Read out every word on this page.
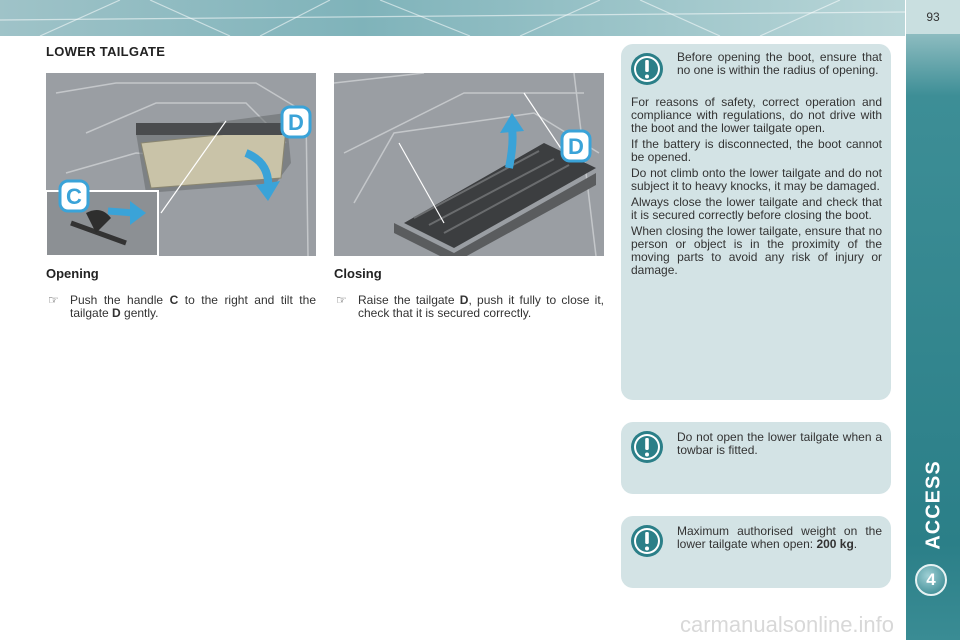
93
ACCESS
4
LOWER TAILGATE
C
D
D
Opening
☞ Push the handle C to the right and tilt the tailgate D gently.
Closing
☞ Raise the tailgate D, push it fully to close it, check that it is secured correctly.
Before opening the boot, ensure that no one is within the radius of opening.

For reasons of safety, correct operation and compliance with regulations, do not drive with the boot and the lower tailgate open.

If the battery is disconnected, the boot cannot be opened.

Do not climb onto the lower tailgate and do not subject it to heavy knocks, it may be damaged.

Always close the lower tailgate and check that it is secured correctly before closing the boot.

When closing the lower tailgate, ensure that no person or object is in the proximity of the moving parts to avoid any risk of injury or damage.

Do not open the lower tailgate when a towbar is fitted.
Maximum authorised weight on the lower tailgate when open: 200 kg.
carmanualsonline.info
